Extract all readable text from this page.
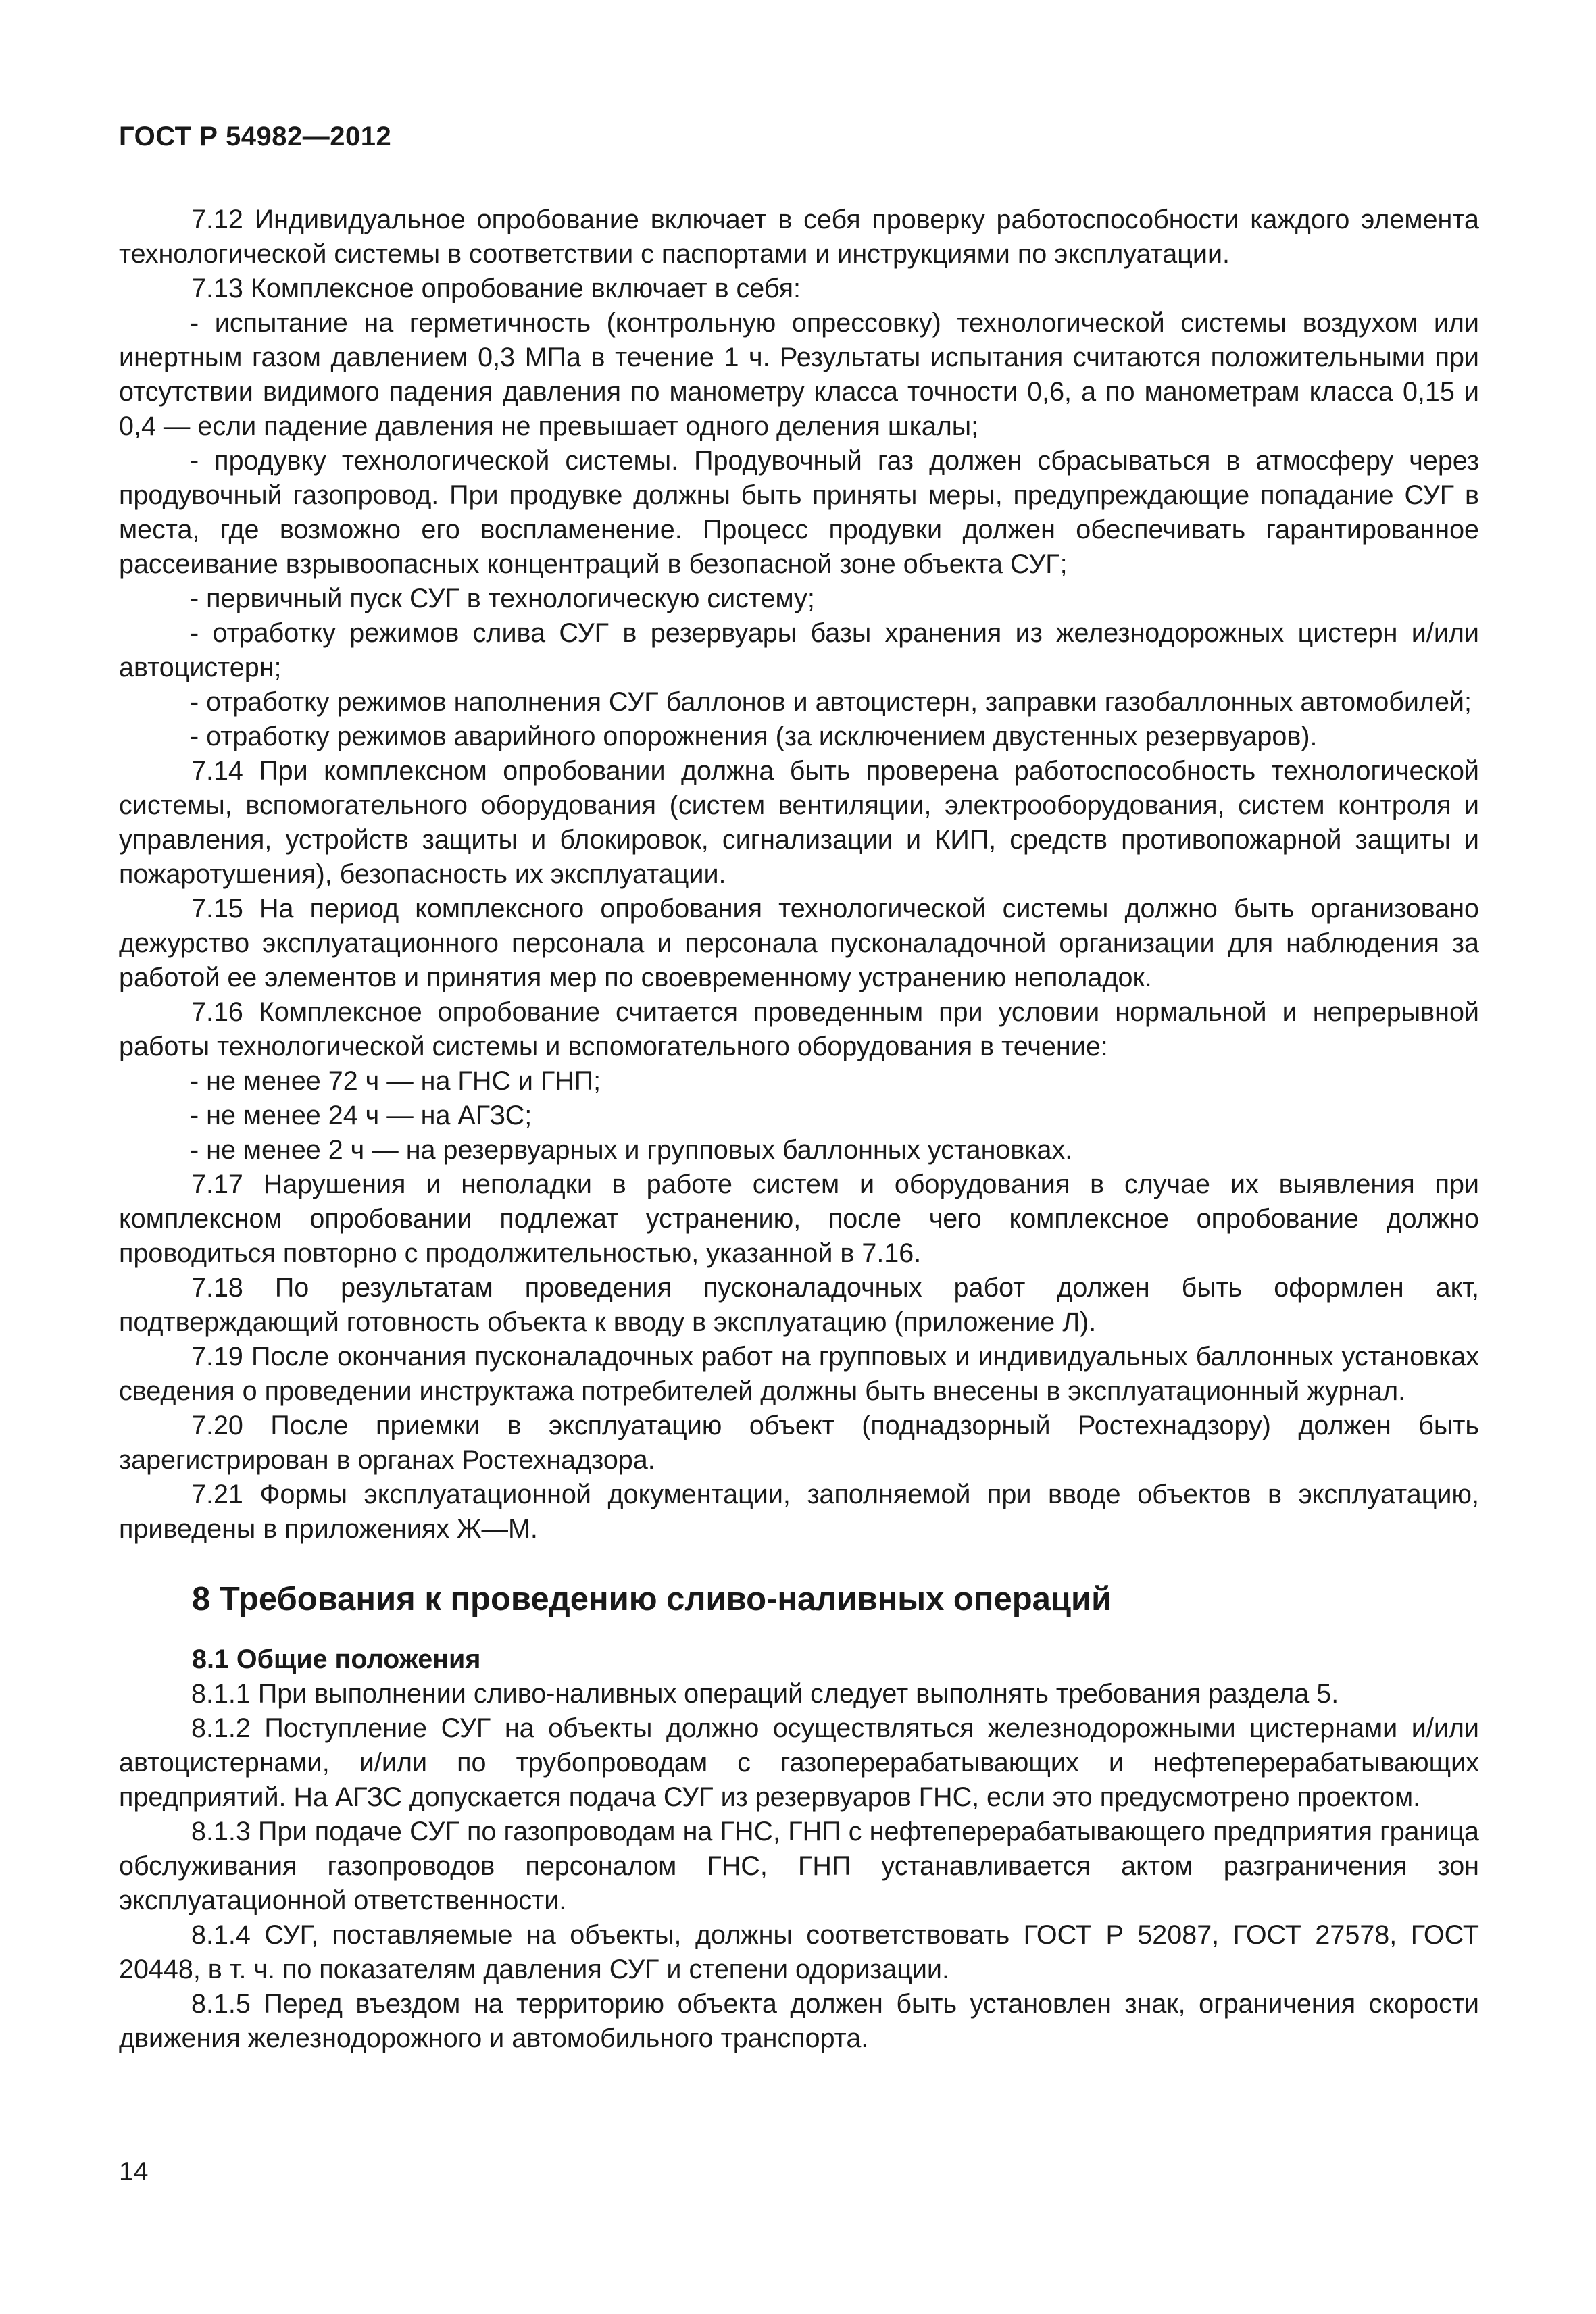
ГОСТ Р 54982—2012

7.12 Индивидуальное опробование включает в себя проверку работоспособности каждого элемента технологической системы в соответствии с паспортами и инструкциями по эксплуатации.

7.13 Комплексное опробование включает в себя:

- испытание на герметичность (контрольную опрессовку) технологической системы воздухом или инертным газом давлением 0,3 МПа в течение 1 ч. Результаты испытания считаются положительными при отсутствии видимого падения давления по манометру класса точности 0,6, а по манометрам класса 0,15 и 0,4 — если падение давления не превышает одного деления шкалы;

- продувку технологической системы. Продувочный газ должен сбрасываться в атмосферу через продувочный газопровод. При продувке должны быть приняты меры, предупреждающие попадание СУГ в места, где возможно его воспламенение. Процесс продувки должен обеспечивать гарантированное рассеивание взрывоопасных концентраций в безопасной зоне объекта СУГ;

- первичный пуск СУГ в технологическую систему;

- отработку режимов слива СУГ в резервуары базы хранения из железнодорожных цистерн и/или автоцистерн;

- отработку режимов наполнения СУГ баллонов и автоцистерн, заправки газобаллонных автомобилей;

- отработку режимов аварийного опорожнения (за исключением двустенных резервуаров).

7.14 При комплексном опробовании должна быть проверена работоспособность технологической системы, вспомогательного оборудования (систем вентиляции, электрооборудования, систем контроля и управления, устройств защиты и блокировок, сигнализации и КИП, средств противопожарной защиты и пожаротушения), безопасность их эксплуатации.

7.15 На период комплексного опробования технологической системы должно быть организовано дежурство эксплуатационного персонала и персонала пусконаладочной организации для наблюдения за работой ее элементов и принятия мер по своевременному устранению неполадок.

7.16 Комплексное опробование считается проведенным при условии нормальной и непрерывной работы технологической системы и вспомогательного оборудования в течение:

- не менее 72 ч — на ГНС и ГНП;

- не менее 24 ч — на АГЗС;

- не менее 2 ч — на резервуарных и групповых баллонных установках.

7.17 Нарушения и неполадки в работе систем и оборудования в случае их выявления при комплексном опробовании подлежат устранению, после чего комплексное опробование должно проводиться повторно с продолжительностью, указанной в 7.16.

7.18 По результатам проведения пусконаладочных работ должен быть оформлен акт, подтверждающий готовность объекта к вводу в эксплуатацию (приложение Л).

7.19 После окончания пусконаладочных работ на групповых и индивидуальных баллонных установках сведения о проведении инструктажа потребителей должны быть внесены в эксплуатационный журнал.

7.20 После приемки в эксплуатацию объект (поднадзорный Ростехнадзору) должен быть зарегистрирован в органах Ростехнадзора.

7.21 Формы эксплуатационной документации, заполняемой при вводе объектов в эксплуатацию, приведены в приложениях Ж—М.

8 Требования к проведению сливо-наливных операций

8.1 Общие положения

8.1.1 При выполнении сливо-наливных операций следует выполнять требования раздела 5.

8.1.2 Поступление СУГ на объекты должно осуществляться железнодорожными цистернами и/или автоцистернами, и/или по трубопроводам с газоперерабатывающих и нефтеперерабатывающих предприятий. На АГЗС допускается подача СУГ из резервуаров ГНС, если это предусмотрено проектом.

8.1.3 При подаче СУГ по газопроводам на ГНС, ГНП с нефтеперерабатывающего предприятия граница обслуживания газопроводов персоналом ГНС, ГНП устанавливается актом разграничения зон эксплуатационной ответственности.

8.1.4 СУГ, поставляемые на объекты, должны соответствовать ГОСТ Р 52087, ГОСТ 27578, ГОСТ 20448, в т. ч. по показателям давления СУГ и степени одоризации.

8.1.5 Перед въездом на территорию объекта должен быть установлен знак, ограничения скорости движения железнодорожного и автомобильного транспорта.

14
